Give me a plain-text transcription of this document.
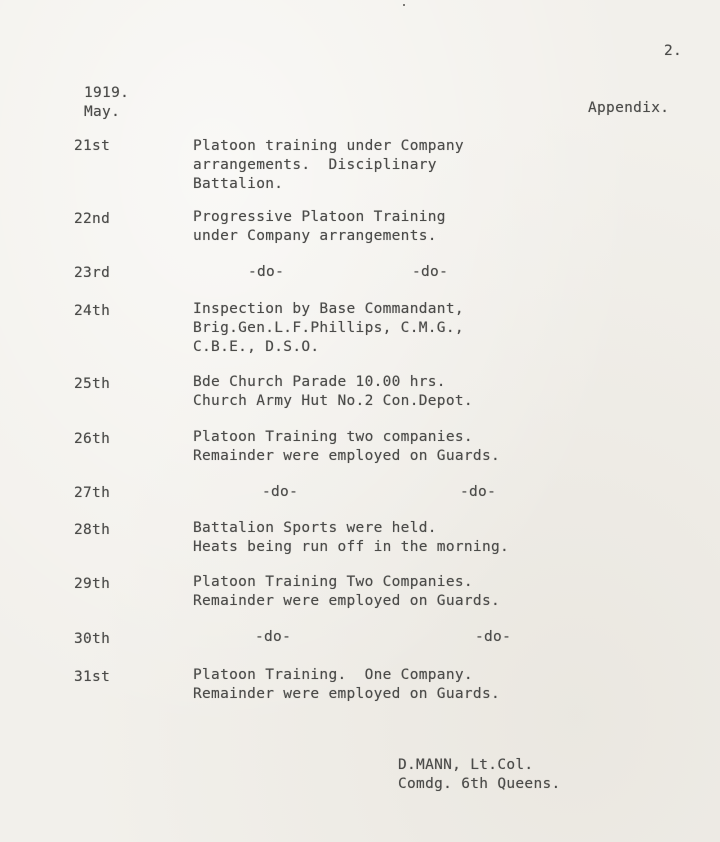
2.
1919.
May.	Appendix.
21st	Platoon training under Company
arrangements.  Disciplinary
Battalion.
22nd	Progressive Platoon Training
under Company arrangements.
23rd	-do-	-do-
24th	Inspection by Base Commandant,
Brig.Gen.L.F.Phillips, C.M.G.,
C.B.E., D.S.O.
25th	Bde Church Parade 10.00 hrs.
Church Army Hut No.2 Con.Depot.
26th	Platoon Training two companies.
Remainder were employed on Guards.
27th	-do-	-do-
28th	Battalion Sports were held.
Heats being run off in the morning.
29th	Platoon Training Two Companies.
Remainder were employed on Guards.
30th	-do-	-do-
31st	Platoon Training.  One Company.
Remainder were employed on Guards.
D.MANN, Lt.Col.
Comdg. 6th Queens.
